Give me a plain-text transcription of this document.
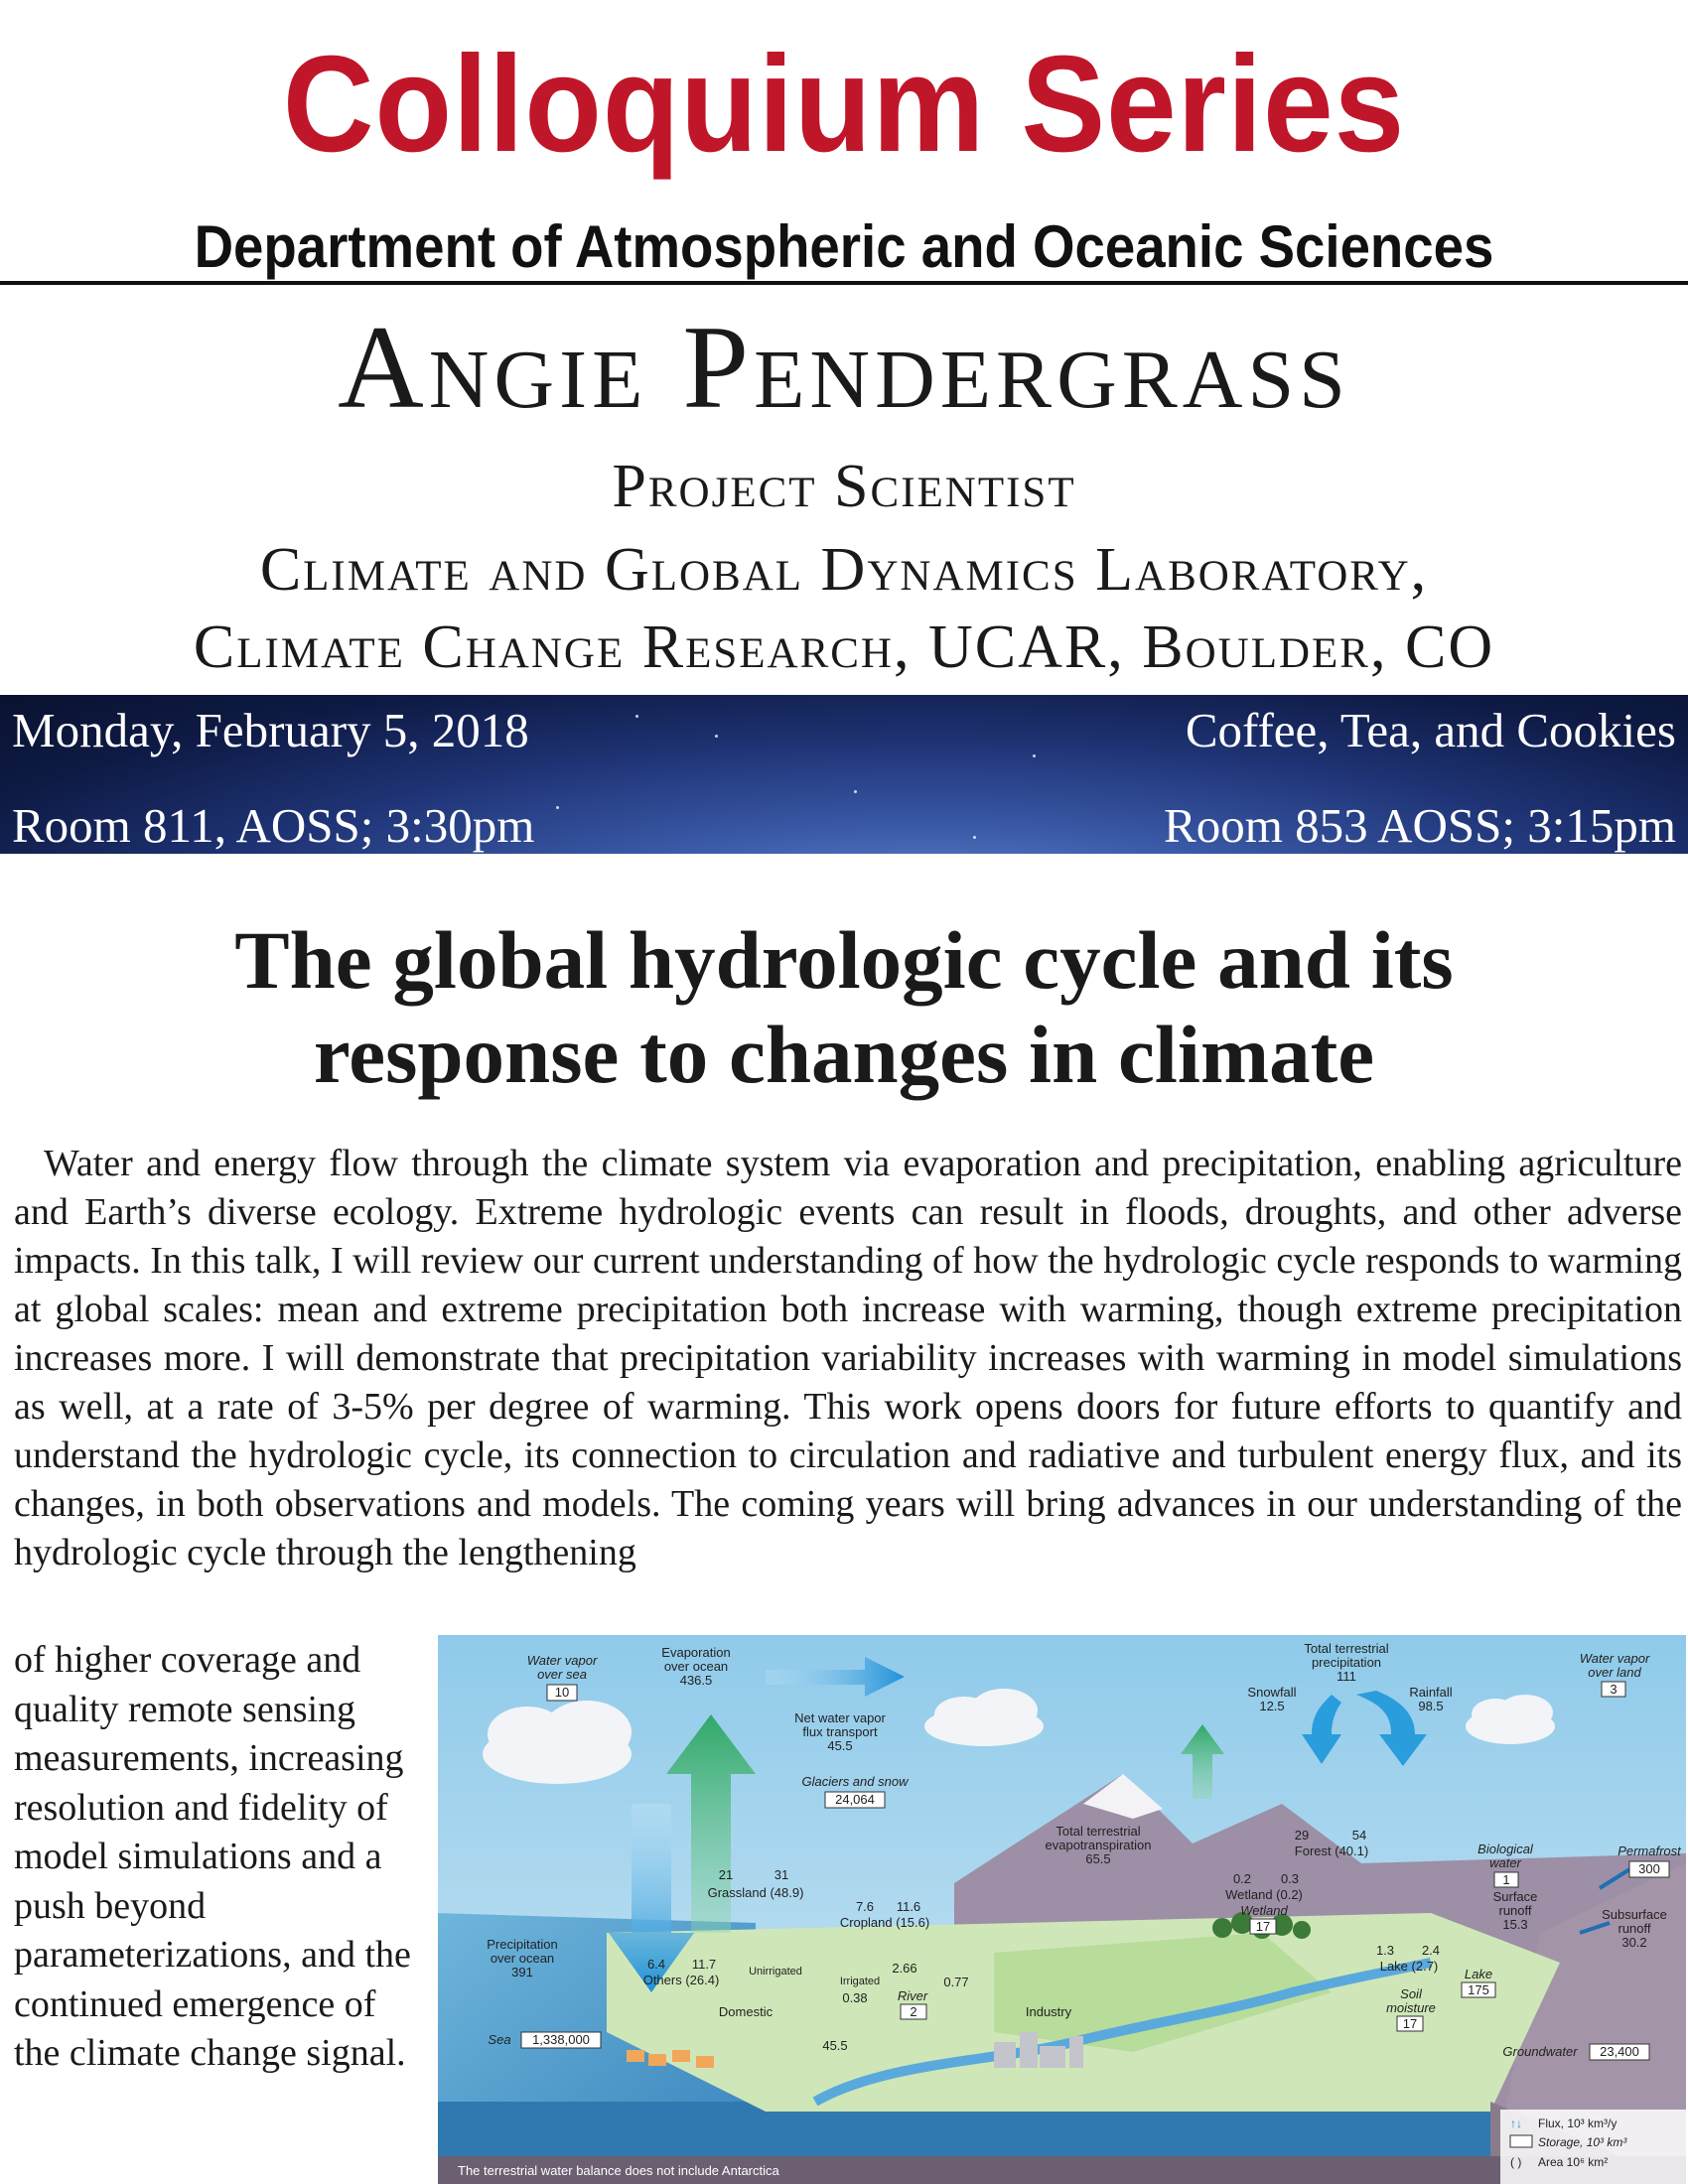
Colloquium Series
Department of Atmospheric and Oceanic Sciences
Angie Pendergrass
Project Scientist
Climate and Global Dynamics Laboratory,
Climate Change Research, UCAR, Boulder, CO
Monday, February 5, 2018
Room 811, AOSS; 3:30pm
Coffee, Tea, and Cookies
Room 853 AOSS; 3:15pm
The global hydrologic cycle and its
response to changes in climate

Water and energy flow through the climate system via evaporation and precipitation, enabling agriculture and Earth’s diverse ecology. Extreme hydrologic events can result in floods, droughts, and other adverse impacts. In this talk, I will review our current understanding of how the hydrologic cycle responds to warming at global scales: mean and extreme precipitation both increase with warming, though extreme precipitation increases more. I will demonstrate that precipitation variability increases with warming in model simulations as well, at a rate of 3-5% per degree of warming. This work opens doors for future efforts to quantify and understand the hydrologic cycle, its connection to circulation and radiative and turbulent energy flux, and its changes, in both observations and models. The coming years will bring advances in our understanding of the hydrologic cycle through the lengthening

of higher coverage and quality remote sensing measurements, increasing resolution and fidelity of model simulations and a push beyond parameterizations, and the continued emergence of the climate change signal.
Water vapor
over sea
10
Evaporation
over ocean
436.5
Net water vapor
flux transport
45.5
Total terrestrial
precipitation
111
Snowfall
12.5
Rainfall
98.5
Water vapor
over land
3
Glaciers and snow
24,064
Total terrestrial
evapotranspiration
65.5
29	54
Forest (40.1)	Biological
water
1
Permafrost
300
21	31
Grassland (48.9)
7.6 11.6
Cropland (15.6)
0.2 0.3
Wetland (0.2)
Wetland
17
Surface
runoff
15.3
Subsurface
runoff
30.2
Precipitation
over ocean
391
6.4 11.7
Others (26.4)
Unirrigated
Irrigated
2.66
0.77
1.3 2.4
Lake (2.7)
Lake
175
Domestic
0.38 River
2	Industry
Soil
moisture
17
Sea 1,338,000	45.5	Groundwater 23,400
The terrestrial water balance does not include Antarctica
↑↓ Flux, 10³ km³/y
Storage, 10³ km³
( ) Area 10⁶ km²
